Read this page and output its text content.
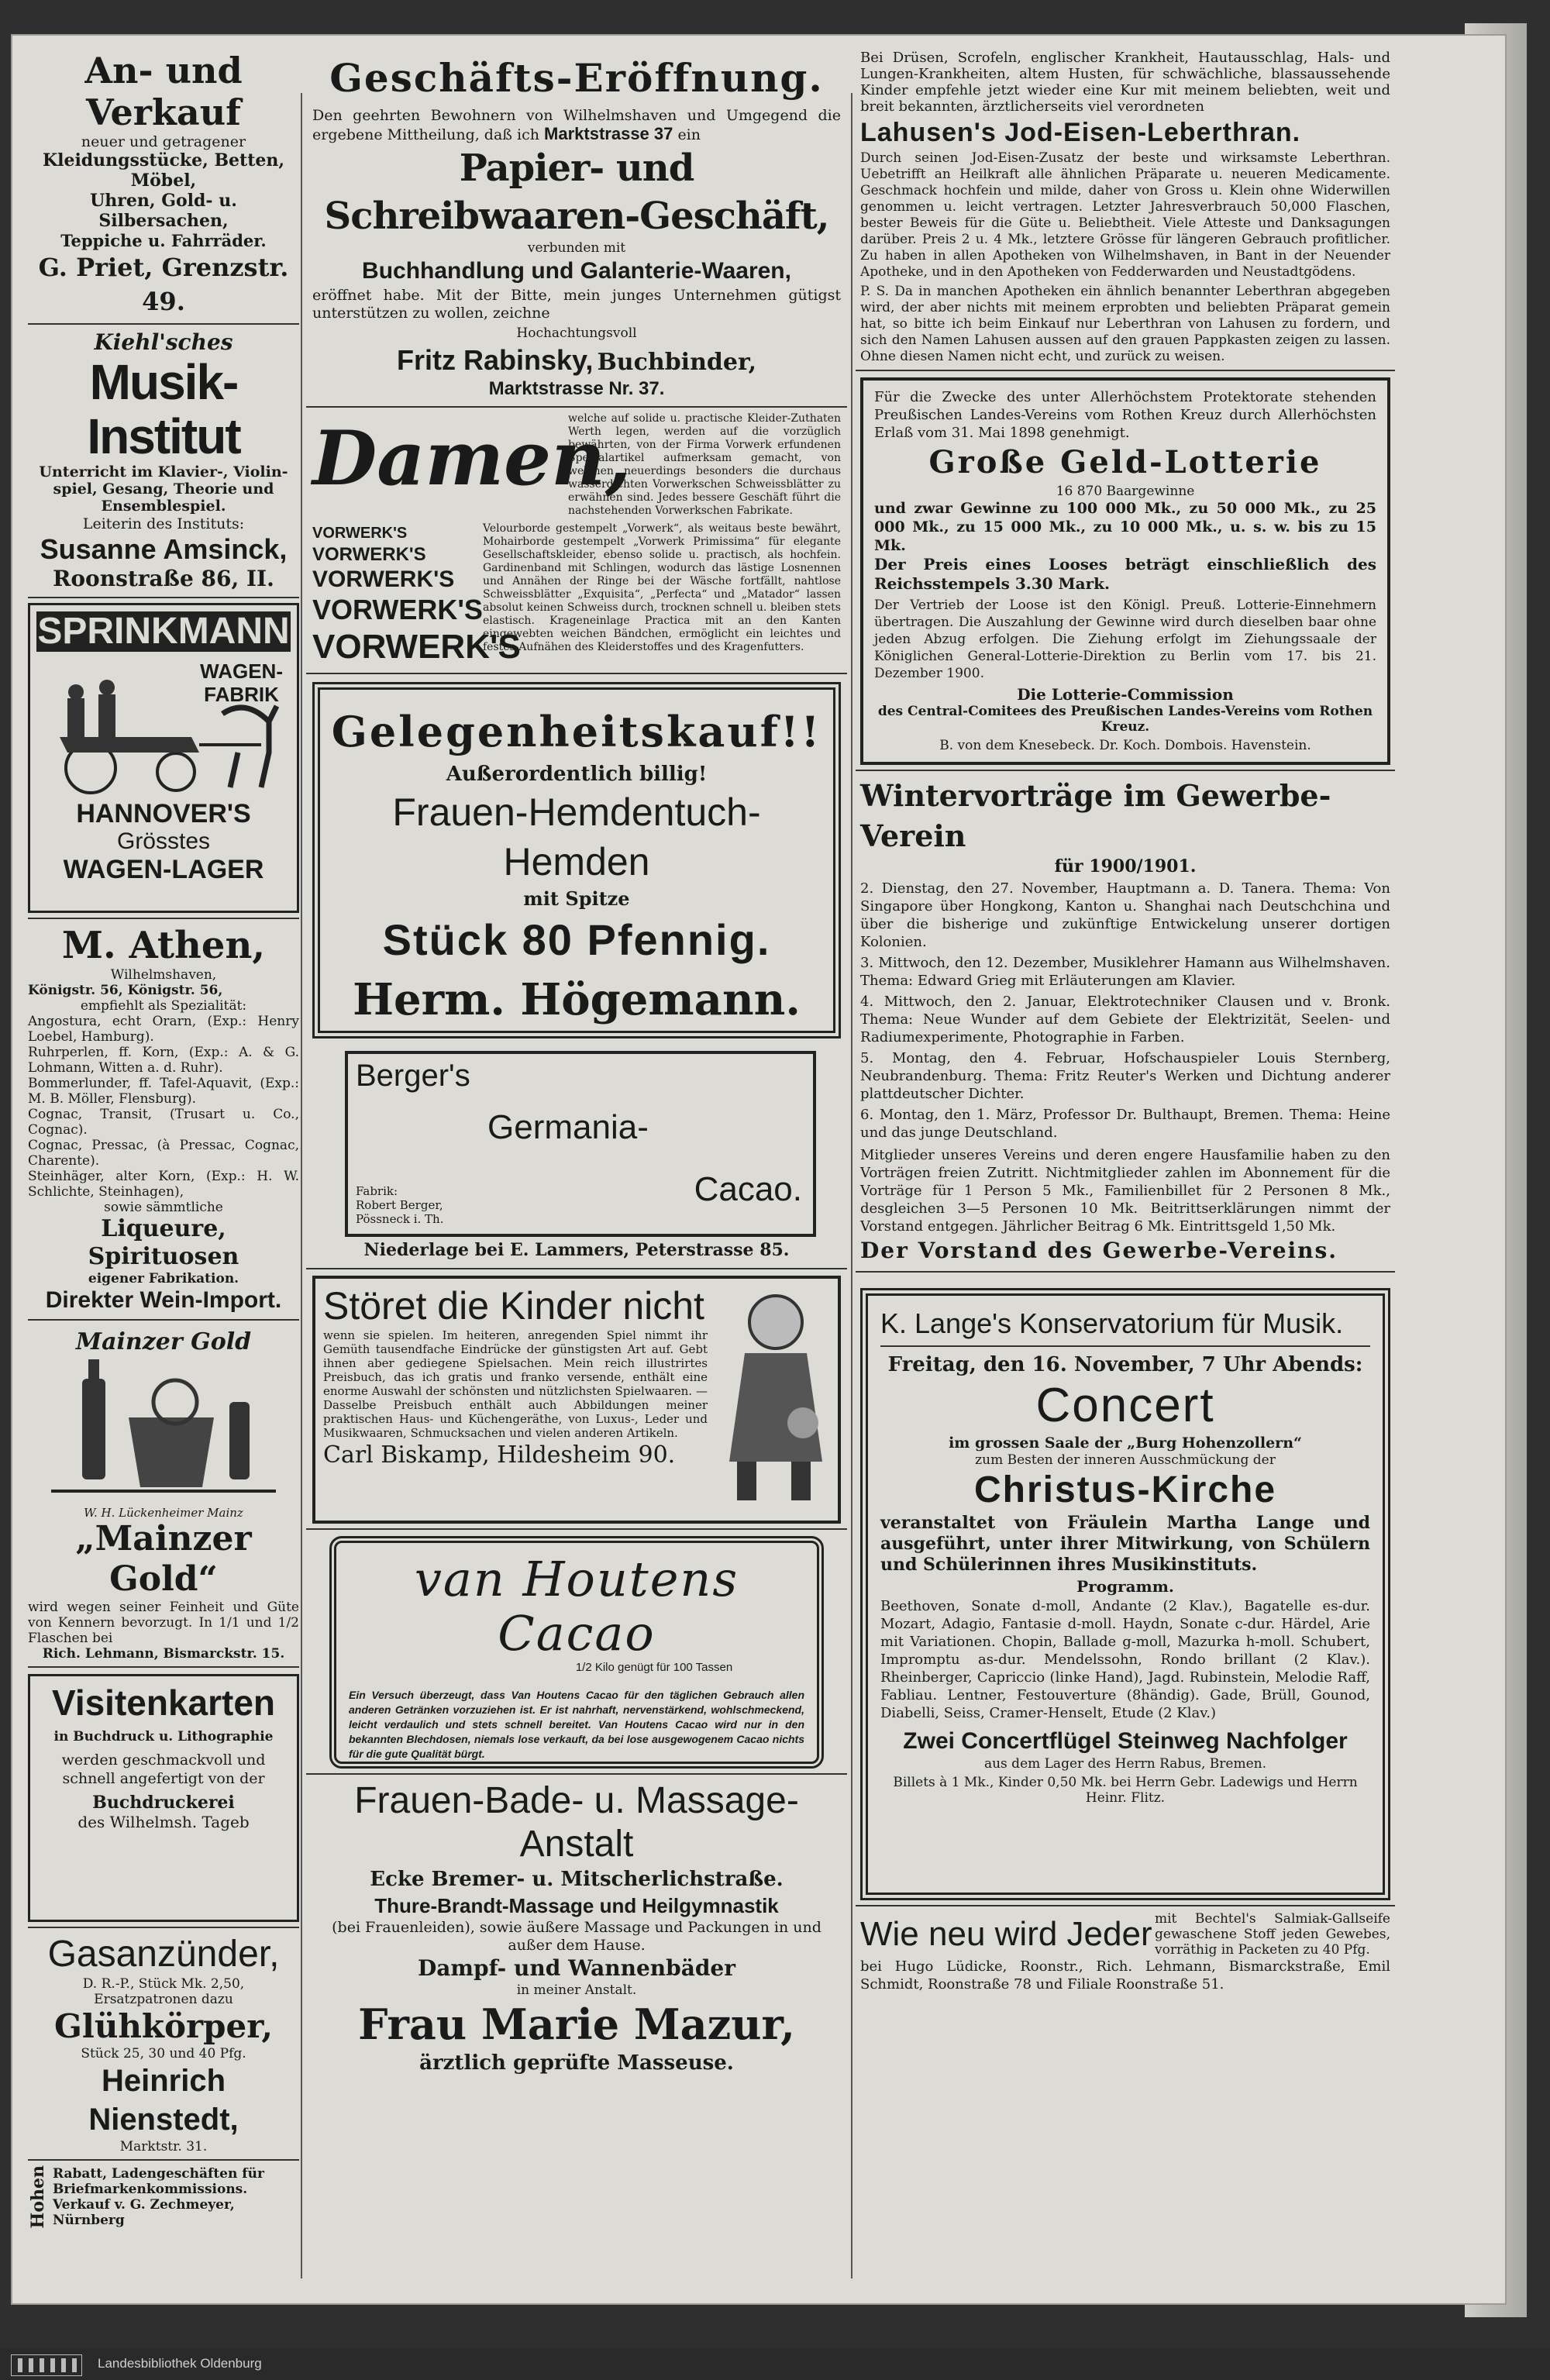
An- und Verkauf
neuer und getragener
Kleidungsstücke, Betten, Möbel,
Uhren, Gold- u. Silbersachen,
Teppiche u. Fahrräder.
G. Priet, Grenzstr. 49.
Kiehl'sches
Musik-Institut
Unterricht im Klavier-, Violin-
spiel, Gesang, Theorie und
Ensemblespiel.
Leiterin des Instituts:
Susanne Amsinck,
Roonstraße 86, II.
SPRINKMANN
WAGEN-
FABRIK
HANNOVER'S
Grösstes
WAGEN-LAGER
M. Athen,
Wilhelmshaven,
Königstr. 56, Königstr. 56,
empfiehlt als Spezialität:
Angostura, echt Orarn, (Exp.: Henry Loebel, Hamburg).
Ruhrperlen, ff. Korn, (Exp.: A. & G. Lohmann, Witten a. d. Ruhr).
Bommerlunder, ff. Tafel-Aquavit, (Exp.: M. B. Möller, Flensburg).
Cognac, Transit, (Trusart u. Co., Cognac).
Cognac, Pressac, (à Pressac, Cognac, Charente).
Steinhäger, alter Korn, (Exp.: H. W. Schlichte, Steinhagen),
sowie sämmtliche
Liqueure, Spirituosen
eigener Fabrikation.
Direkter Wein-Import.
Mainzer Gold
W. H. Lückenheimer Mainz
„Mainzer Gold“
wird wegen seiner Feinheit und Güte von Kennern bevorzugt. In 1/1 und 1/2 Flaschen bei
Rich. Lehmann, Bismarckstr. 15.
Visitenkarten
in Buchdruck u. Lithographie
werden geschmackvoll und schnell angefertigt von der
Buchdruckerei
des Wilhelmsh. Tageb
Gasanzünder,
D. R.-P., Stück Mk. 2,50,
Ersatzpatronen dazu
Glühkörper,
Stück 25, 30 und 40 Pfg.
Heinrich Nienstedt,
Marktstr. 31.
Hohen Rabatt, Ladengeschäften für
Briefmarkenkommissions.
Verkauf v. G. Zechmeyer, Nürnberg
Geschäfts-Eröffnung.
Den geehrten Bewohnern von Wilhelmshaven und Umgegend die ergebene Mittheilung, daß ich Marktstrasse 37 ein
Papier- und Schreibwaaren-Geschäft,
verbunden mit
Buchhandlung und Galanterie-Waaren,
eröffnet habe. Mit der Bitte, mein junges Unternehmen gütigst unterstützen zu wollen, zeichne
Hochachtungsvoll
Fritz Rabinsky, Buchbinder,
Marktstrasse Nr. 37.
Damen,
welche auf solide u. practische Kleider-Zuthaten Werth legen, werden auf die vorzüglich bewährten, von der Firma Vorwerk erfundenen Specialartikel aufmerksam gemacht, von welchen neuerdings besonders die durchaus wasserdichten Vorwerkschen Schweissblätter zu erwähnen sind. Jedes bessere Geschäft führt die nachstehenden Vorwerkschen Fabrikate.
VORWERK'S
VORWERK'S
VORWERK'S
VORWERK'S
VORWERK'S
Velourborde gestempelt „Vorwerk“, als weitaus beste bewährt, Mohairborde gestempelt „Vorwerk Primissima“ für elegante Gesellschaftskleider, ebenso solide u. practisch, als hochfein. Gardinenband mit Schlingen, wodurch das lästige Losnennen und Annähen der Ringe bei der Wäsche fortfällt, nahtlose Schweissblätter „Exquisita“, „Perfecta“ und „Matador“ lassen absolut keinen Schweiss durch, trocknen schnell u. bleiben stets elastisch. Krageneinlage Practica mit an den Kanten eingewebten weichen Bändchen, ermöglicht ein leichtes und festes Aufnähen des Kleiderstoffes und des Kragenfutters.
Gelegenheitskauf!!
Außerordentlich billig!
Frauen-Hemdentuch-Hemden
mit Spitze
Stück 80 Pfennig.
Herm. Högemann.
Berger's
Germania-
Cacao.
Fabrik:
Robert Berger,
Pössneck i. Th.
Niederlage bei E. Lammers, Peterstrasse 85.
Störet die Kinder nicht
wenn sie spielen. Im heiteren, anregenden Spiel nimmt ihr Gemüth tausendfache Eindrücke der günstigsten Art auf. Gebt ihnen aber gediegene Spielsachen. Mein reich illustrirtes Preisbuch, das ich gratis und franko versende, enthält eine enorme Auswahl der schönsten und nützlichsten Spielwaaren. — Dasselbe Preisbuch enthält auch Abbildungen meiner praktischen Haus- und Küchengeräthe, von Luxus-, Leder und Musikwaaren, Schmucksachen und vielen anderen Artikeln.
Carl Biskamp, Hildesheim 90.
van Houtens Cacao
1/2 Kilo genügt für 100 Tassen
Ein Versuch überzeugt, dass Van Houtens Cacao für den täglichen Gebrauch allen anderen Getränken vorzuziehen ist. Er ist nahrhaft, nervenstärkend, wohlschmeckend, leicht verdaulich und stets schnell bereitet. Van Houtens Cacao wird nur in den bekannten Blechdosen, niemals lose verkauft, da bei lose ausgewogenem Cacao nichts für die gute Qualität bürgt.
Frauen-Bade- u. Massage-Anstalt
Ecke Bremer- u. Mitscherlichstraße.
Thure-Brandt-Massage und Heilgymnastik
(bei Frauenleiden), sowie äußere Massage und Packungen in und außer dem Hause.
Dampf- und Wannenbäder
in meiner Anstalt.
Frau Marie Mazur,
ärztlich geprüfte Masseuse.
Bei Drüsen, Scrofeln, englischer Krankheit, Hautausschlag, Hals- und Lungen-Krankheiten, altem Husten, für schwächliche, blassaussehende Kinder empfehle jetzt wieder eine Kur mit meinem beliebten, weit und breit bekannten, ärztlicherseits viel verordneten
Lahusen's Jod-Eisen-Leberthran.
Durch seinen Jod-Eisen-Zusatz der beste und wirksamste Leberthran. Uebetrifft an Heilkraft alle ähnlichen Präparate u. neueren Medicamente. Geschmack hochfein und milde, daher von Gross u. Klein ohne Widerwillen genommen u. leicht vertragen. Letzter Jahresverbrauch 50,000 Flaschen, bester Beweis für die Güte u. Beliebtheit. Viele Atteste und Danksagungen darüber. Preis 2 u. 4 Mk., letztere Grösse für längeren Gebrauch profitlicher. Zu haben in allen Apotheken von Wilhelmshaven, in Bant in der Neuender Apotheke, und in den Apotheken von Fedderwarden und Neustadtgödens.
P. S. Da in manchen Apotheken ein ähnlich benannter Leberthran abgegeben wird, der aber nichts mit meinem erprobten und beliebten Präparat gemein hat, so bitte ich beim Einkauf nur Leberthran von Lahusen zu fordern, und sich den Namen Lahusen aussen auf den grauen Pappkasten zeigen zu lassen. Ohne diesen Namen nicht echt, und zurück zu weisen.
Für die Zwecke des unter Allerhöchstem Protektorate stehenden Preußischen Landes-Vereins vom Rothen Kreuz durch Allerhöchsten Erlaß vom 31. Mai 1898 genehmigt.
Große Geld-Lotterie
16 870 Baargewinne
und zwar Gewinne zu 100 000 Mk., zu 50 000 Mk., zu 25 000 Mk., zu 15 000 Mk., zu 10 000 Mk., u. s. w. bis zu 15 Mk.
Der Preis eines Looses beträgt einschließlich des Reichsstempels 3.30 Mark.
Der Vertrieb der Loose ist den Königl. Preuß. Lotterie-Einnehmern übertragen. Die Auszahlung der Gewinne wird durch dieselben baar ohne jeden Abzug erfolgen. Die Ziehung erfolgt im Ziehungssaale der Königlichen General-Lotterie-Direktion zu Berlin vom 17. bis 21. Dezember 1900.
Die Lotterie-Commission
des Central-Comitees des Preußischen Landes-Vereins vom Rothen Kreuz.
B. von dem Knesebeck. Dr. Koch. Dombois. Havenstein.
Wintervorträge im Gewerbe-Verein
für 1900/1901.
2. Dienstag, den 27. November, Hauptmann a. D. Tanera. Thema: Von Singapore über Hongkong, Kanton u. Shanghai nach Deutschchina und über die bisherige und zukünftige Entwickelung unserer dortigen Kolonien.
3. Mittwoch, den 12. Dezember, Musiklehrer Hamann aus Wilhelmshaven. Thema: Edward Grieg mit Erläuterungen am Klavier.
4. Mittwoch, den 2. Januar, Elektrotechniker Clausen und v. Bronk. Thema: Neue Wunder auf dem Gebiete der Elektrizität, Seelen- und Radiumexperimente, Photographie in Farben.
5. Montag, den 4. Februar, Hofschauspieler Louis Sternberg, Neubrandenburg. Thema: Fritz Reuter's Werken und Dichtung anderer plattdeutscher Dichter.
6. Montag, den 1. März, Professor Dr. Bulthaupt, Bremen. Thema: Heine und das junge Deutschland.
Mitglieder unseres Vereins und deren engere Hausfamilie haben zu den Vorträgen freien Zutritt. Nichtmitglieder zahlen im Abonnement für die Vorträge für 1 Person 5 Mk., Familienbillet für 2 Personen 8 Mk., desgleichen 3—5 Personen 10 Mk. Beitrittserklärungen nimmt der Vorstand entgegen. Jährlicher Beitrag 6 Mk. Eintrittsgeld 1,50 Mk.
Der Vorstand des Gewerbe-Vereins.
K. Lange's Konservatorium für Musik.
Freitag, den 16. November, 7 Uhr Abends:
Concert
im grossen Saale der „Burg Hohenzollern“
zum Besten der inneren Ausschmückung der
Christus-Kirche
veranstaltet von Fräulein Martha Lange und ausgeführt, unter ihrer Mitwirkung, von Schülern und Schülerinnen ihres Musikinstituts.
Programm.
Beethoven, Sonate d-moll, Andante (2 Klav.), Bagatelle es-dur. Mozart, Adagio, Fantasie d-moll. Haydn, Sonate c-dur. Härdel, Arie mit Variationen. Chopin, Ballade g-moll, Mazurka h-moll. Schubert, Impromptu as-dur. Mendelssohn, Rondo brillant (2 Klav.). Rheinberger, Capriccio (linke Hand), Jagd. Rubinstein, Melodie Raff, Fabliau. Lentner, Festouverture (8händig). Gade, Brüll, Gounod, Diabelli, Seiss, Cramer-Henselt, Etude (2 Klav.)
Zwei Concertflügel Steinweg Nachfolger
aus dem Lager des Herrn Rabus, Bremen.
Billets à 1 Mk., Kinder 0,50 Mk. bei Herrn Gebr. Ladewigs und Herrn Heinr. Flitz.
Wie neu wird Jeder mit Bechtel's Salmiak-Gallseife gewaschene Stoff jeden Gewebes, vorräthig in Packeten zu 40 Pfg.
bei Hugo Lüdicke, Roonstr., Rich. Lehmann, Bismarckstraße, Emil Schmidt, Roonstraße 78 und Filiale Roonstraße 51.
Landesbibliothek Oldenburg
